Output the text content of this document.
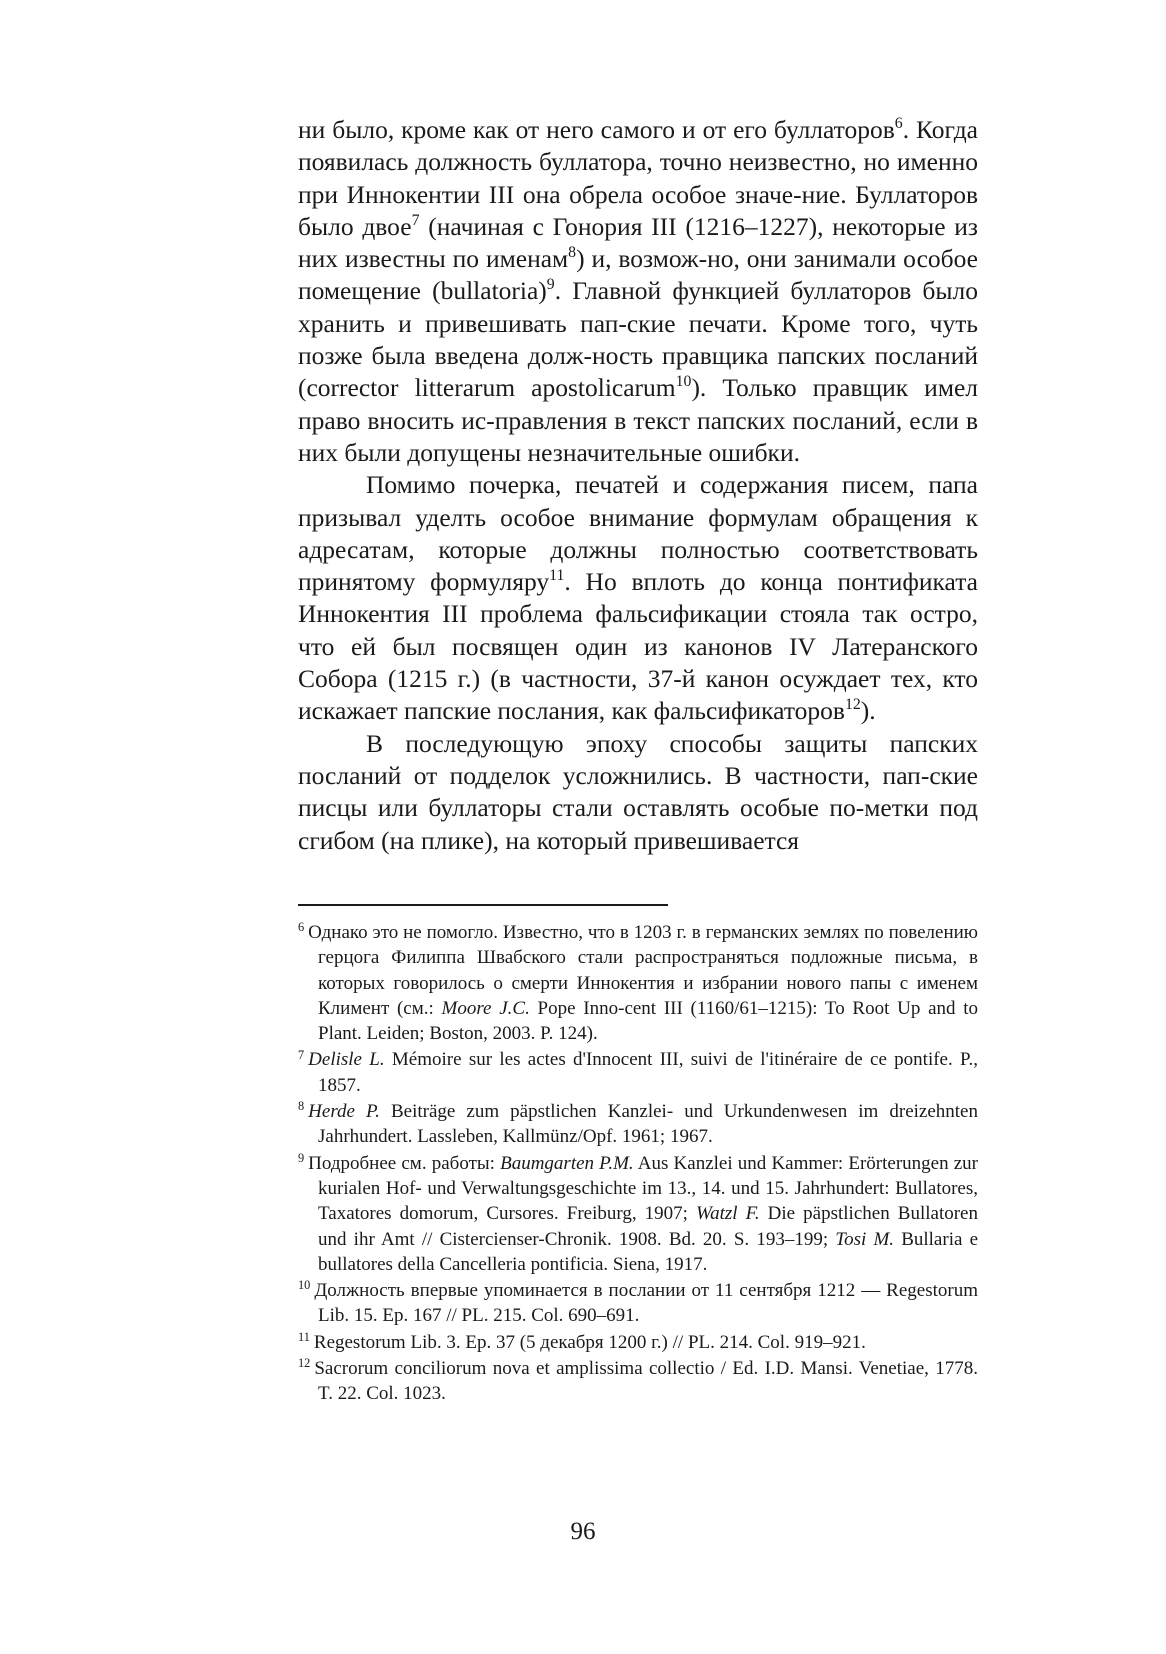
ни было, кроме как от него самого и от его буллаторов$^6$. Когда появилась должность буллатора, точно неизвестно, но именно при Иннокентии III она обрела особое значе-ние. Буллаторов было двое$^7$ (начиная с Гонория III (1216–1227), некоторые из них известны по именам$^8$) и, возмож-но, они занимали особое помещение (bullatoria)$^9$. Главной функцией буллаторов было хранить и привешивать пап-ские печати. Кроме того, чуть позже была введена долж-ность правщика папских посланий (corrector litterarum apostolicarum$^{10}$). Только правщик имел право вносить ис-правления в текст папских посланий, если в них были допущены незначительные ошибки.

Помимо почерка, печатей и содержания писем, папа призывал уделть особое внимание формулам обращения к адресатам, которые должны полностью соответствовать принятому формуляру$^{11}$. Но вплоть до конца понтификата Иннокентия III проблема фальсификации стояла так остро, что ей был посвящен один из канонов IV Латеранского Собора (1215 г.) (в частности, 37-й канон осуждает тех, кто искажает папские послания, как фальсификаторов$^{12}$).

В последующую эпоху способы защиты папских посланий от подделок усложнились. В частности, пап-ские писцы или буллаторы стали оставлять особые по-метки под сгибом (на плике), на который привешивается

$^6$ Однако это не помогло. Известно, что в 1203 г. в германских землях по повелению герцога Филиппа Швабского стали распространяться подложные письма, в которых говорилось о смерти Иннокентия и избрании нового папы с именем Климент (см.: Moore J.C. Pope Inno-cent III (1160/61–1215): To Root Up and to Plant. Leiden; Boston, 2003. P. 124).

$^7$ Delisle L. Mémoire sur les actes d'Innocent III, suivi de l'itinéraire de ce pontife. P., 1857.

$^8$ Herde P. Beiträge zum päpstlichen Kanzlei- und Urkundenwesen im dreizehnten Jahrhundert. Lassleben, Kallmünz/Opf. 1961; 1967.

$^9$ Подробнее см. работы: Baumgarten P.M. Aus Kanzlei und Kammer: Erörterungen zur kurialen Hof- und Verwaltungsgeschichte im 13., 14. und 15. Jahrhundert: Bullatores, Taxatores domorum, Cursores. Freiburg, 1907; Watzl F. Die päpstlichen Bullatoren und ihr Amt // Cistercienser-Chronik. 1908. Bd. 20. S. 193–199; Tosi M. Bullaria e bullatores della Cancelleria pontificia. Siena, 1917.

$^{10}$ Должность впервые упоминается в послании от 11 сентября 1212 — Regestorum Lib. 15. Ep. 167 // PL. 215. Col. 690–691.

$^{11}$ Regestorum Lib. 3. Ep. 37 (5 декабря 1200 г.) // PL. 214. Col. 919–921.

$^{12}$ Sacrorum conciliorum nova et amplissima collectio / Ed. I.D. Mansi. Venetiae, 1778. T. 22. Col. 1023.

96
